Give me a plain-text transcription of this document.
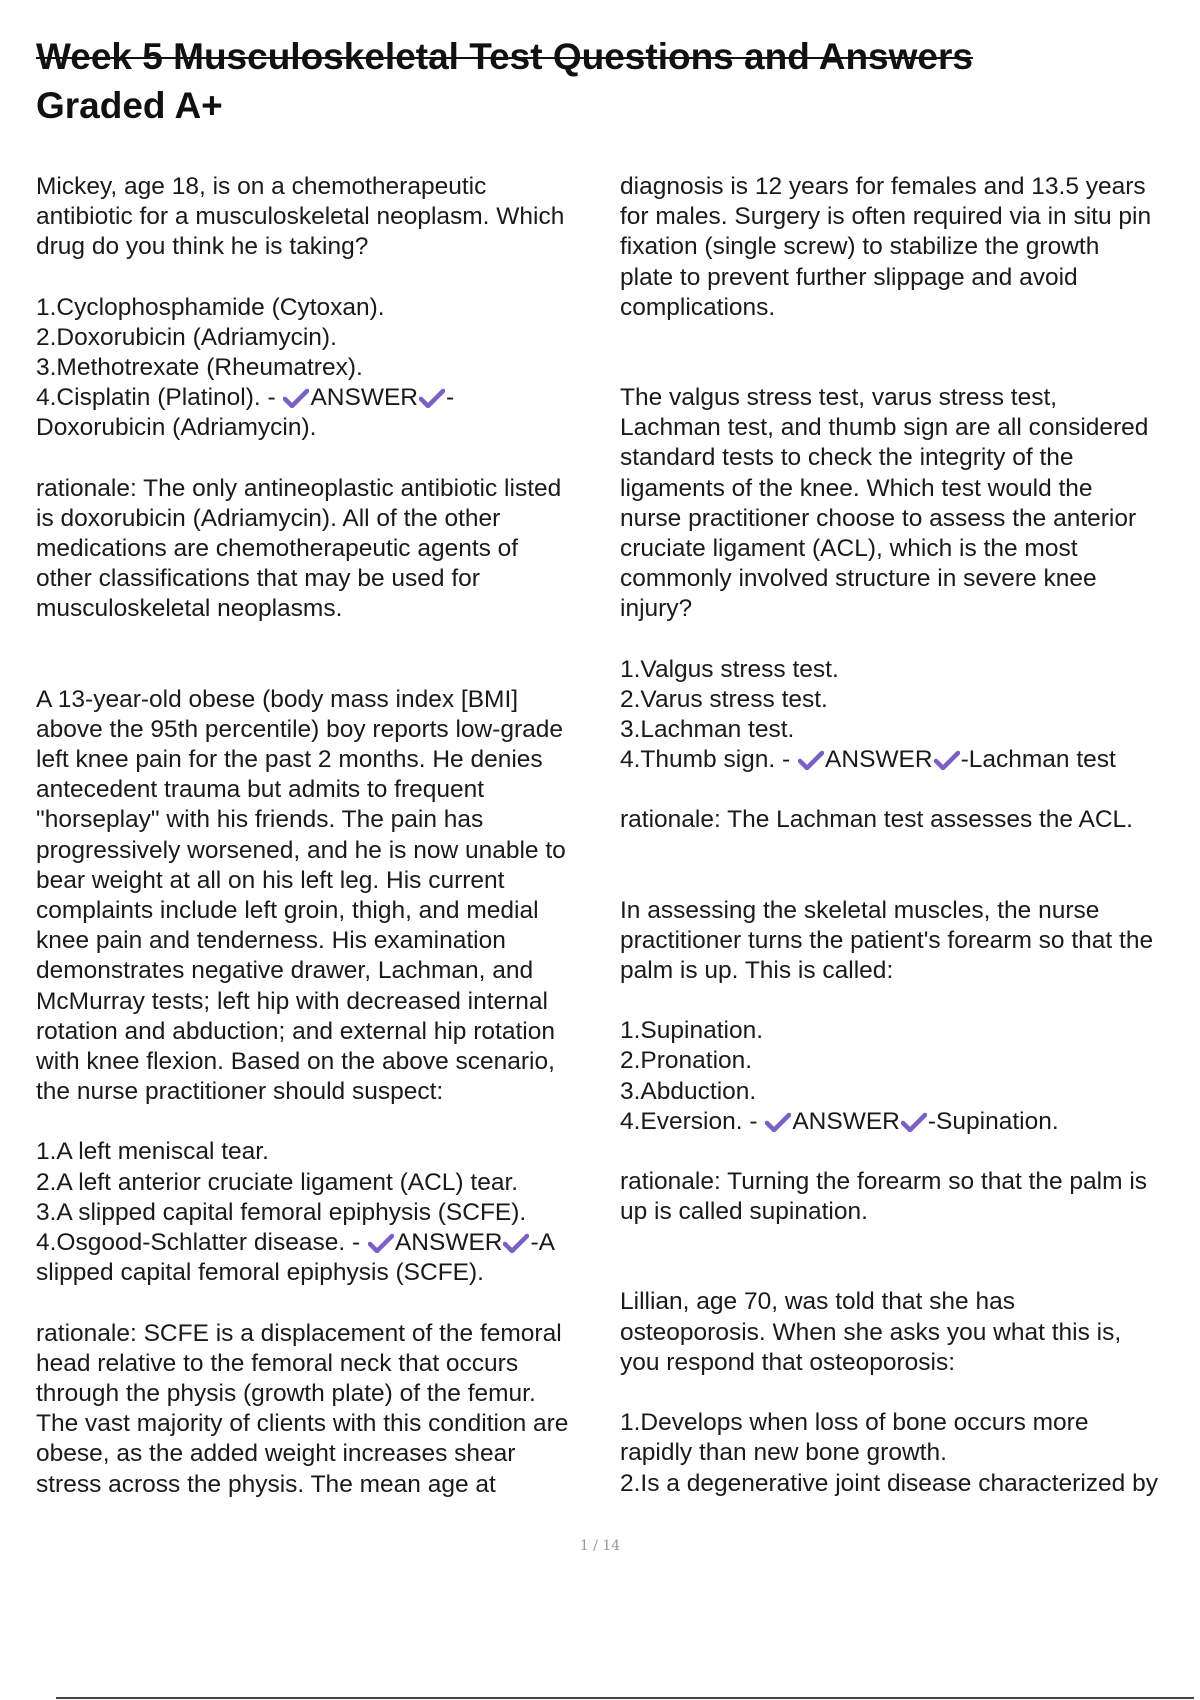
Week 5 Musculoskeletal Test Questions and Answers
Graded A+

Mickey, age 18, is on a chemotherapeutic
antibiotic for a musculoskeletal neoplasm. Which
drug do you think he is taking?

1.Cyclophosphamide (Cytoxan).

2.Doxorubicin (Adriamycin).

3.Methotrexate (Rheumatrex).

4.Cisplatin (Platinol). - ANSWER -

Doxorubicin (Adriamycin).

rationale: The only antineoplastic antibiotic listed
is doxorubicin (Adriamycin). All of the other
medications are chemotherapeutic agents of
other classifications that may be used for
musculoskeletal neoplasms.

A 13-year-old obese (body mass index [BMI]
above the 95th percentile) boy reports low-grade
left knee pain for the past 2 months. He denies
antecedent trauma but admits to frequent
"horseplay" with his friends. The pain has
progressively worsened, and he is now unable to
bear weight at all on his left leg. His current
complaints include left groin, thigh, and medial
knee pain and tenderness. His examination
demonstrates negative drawer, Lachman, and
McMurray tests; left hip with decreased internal
rotation and abduction; and external hip rotation
with knee flexion. Based on the above scenario,
the nurse practitioner should suspect:

1.A left meniscal tear.

2.A left anterior cruciate ligament (ACL) tear.

3.A slipped capital femoral epiphysis (SCFE).

4.Osgood-Schlatter disease. - ANSWER -A

slipped capital femoral epiphysis (SCFE).

rationale: SCFE is a displacement of the femoral
head relative to the femoral neck that occurs
through the physis (growth plate) of the femur.
The vast majority of clients with this condition are
obese, as the added weight increases shear
stress across the physis. The mean age at

diagnosis is 12 years for females and 13.5 years
for males. Surgery is often required via in situ pin
fixation (single screw) to stabilize the growth
plate to prevent further slippage and avoid
complications.

The valgus stress test, varus stress test,
Lachman test, and thumb sign are all considered
standard tests to check the integrity of the
ligaments of the knee. Which test would the
nurse practitioner choose to assess the anterior
cruciate ligament (ACL), which is the most
commonly involved structure in severe knee
injury?

1.Valgus stress test.

2.Varus stress test.

3.Lachman test.

4.Thumb sign. - ANSWER -Lachman test

rationale: The Lachman test assesses the ACL.

In assessing the skeletal muscles, the nurse
practitioner turns the patient's forearm so that the
palm is up. This is called:

1.Supination.

2.Pronation.

3.Abduction.

4.Eversion. - ANSWER -Supination.

rationale: Turning the forearm so that the palm is
up is called supination.

Lillian, age 70, was told that she has
osteoporosis. When she asks you what this is,
you respond that osteoporosis:

1.Develops when loss of bone occurs more
rapidly than new bone growth.

2.Is a degenerative joint disease characterized by

1 / 14
